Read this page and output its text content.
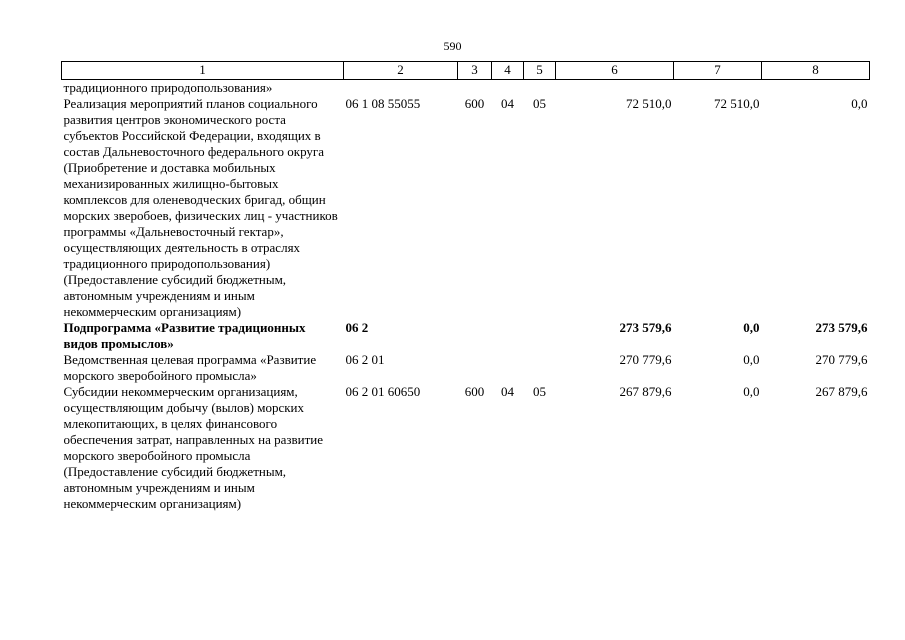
590
1	2	3	4	5	6	7	8
традиционного природопользования»							
Реализация мероприятий планов социального развития центров экономического роста субъектов Российской Федерации, входящих в состав Дальневосточного федерального округа (Приобретение и доставка мобильных механизированных жилищно-бытовых комплексов для оленеводческих бригад, общин морских зверобоев, физических лиц - участников программы «Дальневосточный гектар», осуществляющих деятельность в отраслях традиционного природопользования) (Предоставление субсидий бюджетным, автономным учреждениям и иным некоммерческим организациям)	06 1 08 55055	600	04	05	72 510,0	72 510,0	0,0
Подпрограмма «Развитие традиционных видов промыслов»	06 2				273 579,6	0,0	273 579,6
Ведомственная целевая программа «Развитие морского зверобойного промысла»	06 2 01				270 779,6	0,0	270 779,6
Субсидии некоммерческим организациям, осуществляющим добычу (вылов) морских млекопитающих, в целях финансового обеспечения затрат, направленных на развитие морского зверобойного промысла (Предоставление субсидий бюджетным, автономным учреждениям и иным некоммерческим организациям)	06 2 01 60650	600	04	05	267 879,6	0,0	267 879,6
